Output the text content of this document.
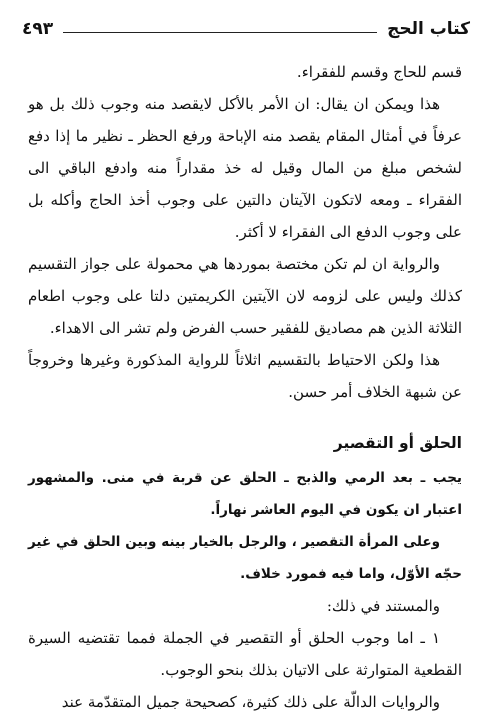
كتاب الحج
٤٩٣

قسم للحاج وقسم للفقراء.

هذا ويمكن ان يقال: ان الأمر بالأكل لايقصد منه وجوب ذلك بل هو عرفاً في أمثال المقام يقصد منه الإباحة ورفع الحظر ـ نظير ما إذا دفع لشخص مبلغ من المال وقيل له خذ مقداراً منه وادفع الباقي الى الفقراء ـ ومعه لاتكون الآيتان دالتين على وجوب أخذ الحاج وأكله بل على وجوب الدفع الى الفقراء لا أكثر.

والرواية ان لم تكن مختصة بموردها هي محمولة على جواز التقسيم كذلك وليس على لزومه لان الآيتين الكريمتين دلتا على وجوب اطعام الثلاثة الذين هم مصاديق للفقير حسب الفرض ولم تشر الى الاهداء.

هذا ولكن الاحتياط بالتقسيم اثلاثاً للرواية المذكورة وغيرها وخروجاً عن شبهة الخلاف أمر حسن.

الحلق أو التقصير

يجب ـ بعد الرمي والذبح ـ الحلق عن قربة في منى. والمشهور اعتبار ان يكون في اليوم العاشر نهاراً.

وعلى المرأة التقصير ، والرجل بالخيار بينه وبين الحلق في غير حجّه الأوّل، واما فيه فمورد خلاف.

والمستند في ذلك:

١ ـ اما وجوب الحلق أو التقصير في الجملة فمما تقتضيه السيرة القطعية المتوارثة على الاتيان بذلك بنحو الوجوب.

والروايات الدالّة على ذلك كثيرة، كصحيحة جميل المتقدّمة عند
